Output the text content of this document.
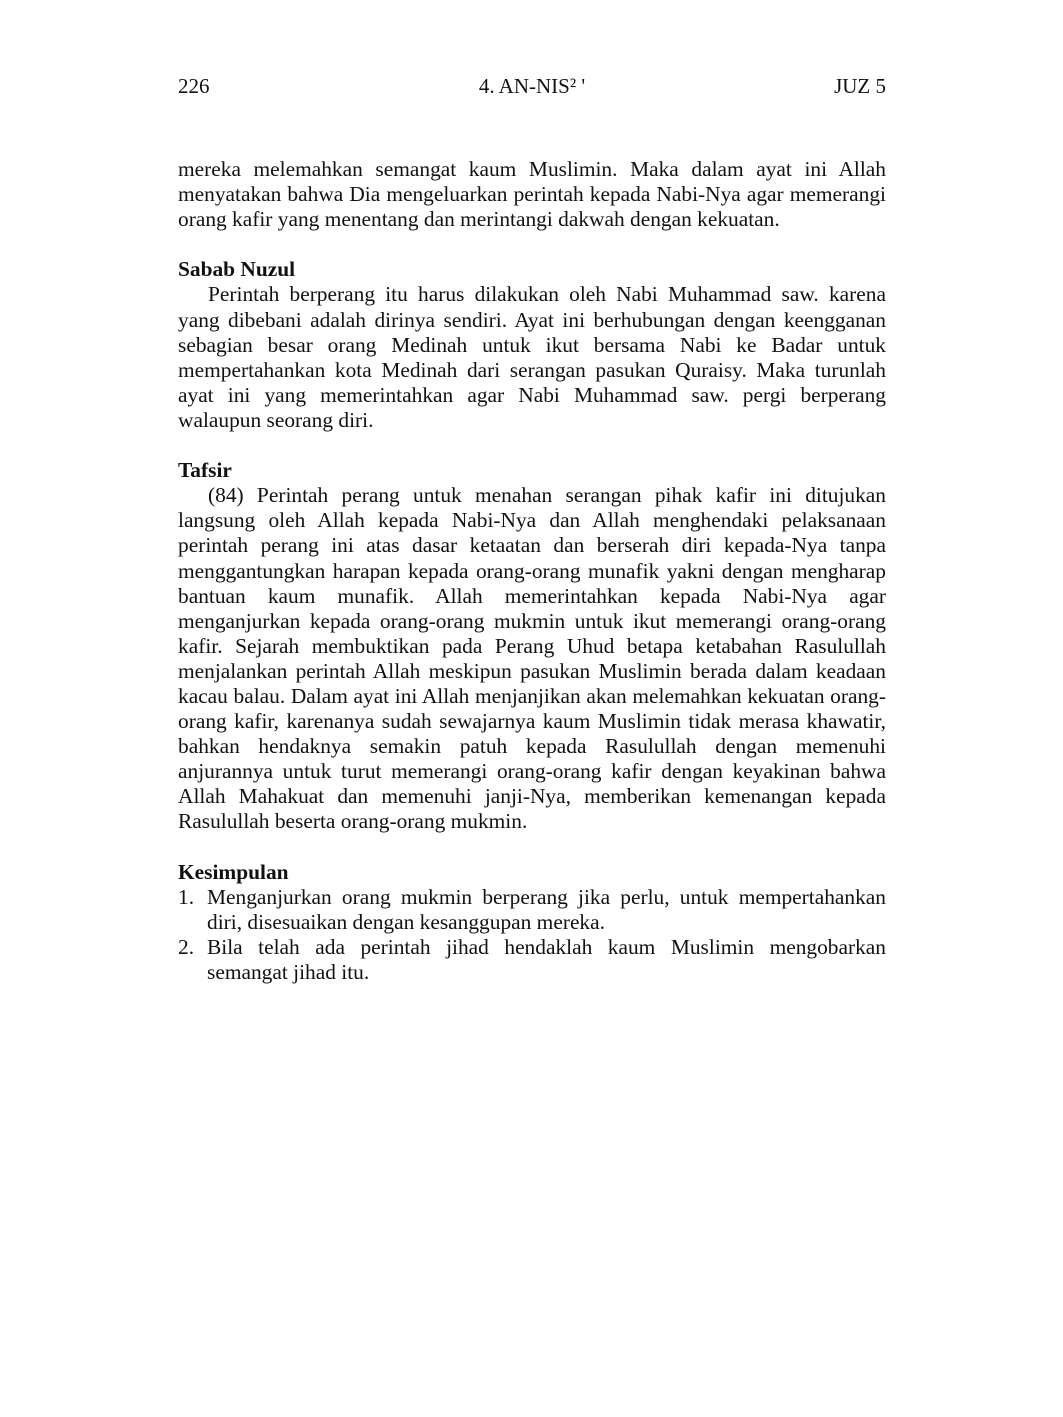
226	4. AN-NIS² '	JUZ 5

mereka melemahkan semangat kaum Muslimin. Maka dalam ayat ini Allah menyatakan bahwa Dia mengeluarkan perintah kepada Nabi-Nya agar memerangi orang kafir yang menentang dan merintangi dakwah dengan kekuatan.

Sabab Nuzul

Perintah berperang itu harus dilakukan oleh Nabi Muhammad saw. karena yang dibebani adalah dirinya sendiri. Ayat ini berhubungan dengan keengganan sebagian besar orang Medinah untuk ikut bersama Nabi ke Badar untuk mempertahankan kota Medinah dari serangan pasukan Quraisy. Maka turunlah ayat ini yang memerintahkan agar Nabi Muhammad saw. pergi berperang walaupun seorang diri.

Tafsir

(84) Perintah perang untuk menahan serangan pihak kafir ini ditujukan langsung oleh Allah kepada Nabi-Nya dan Allah menghendaki pelaksanaan perintah perang ini atas dasar ketaatan dan berserah diri kepada-Nya tanpa menggantungkan harapan kepada orang-orang munafik yakni dengan mengharap bantuan kaum munafik. Allah memerintahkan kepada Nabi-Nya agar menganjurkan kepada orang-orang mukmin untuk ikut memerangi orang-orang kafir. Sejarah membuktikan pada Perang Uhud betapa ketabahan Rasulullah menjalankan perintah Allah meskipun pasukan Muslimin berada dalam keadaan kacau balau. Dalam ayat ini Allah menjanjikan akan melemahkan kekuatan orang-orang kafir, karenanya sudah sewajarnya kaum Muslimin tidak merasa khawatir, bahkan hendaknya semakin patuh kepada Rasulullah dengan memenuhi anjurannya untuk turut memerangi orang-orang kafir dengan keyakinan bahwa Allah Mahakuat dan memenuhi janji-Nya, memberikan kemenangan kepada Rasulullah beserta orang-orang mukmin.

Kesimpulan
1. Menganjurkan orang mukmin berperang jika perlu, untuk mempertahankan diri, disesuaikan dengan kesanggupan mereka.
2. Bila telah ada perintah jihad hendaklah kaum Muslimin mengobarkan semangat jihad itu.
